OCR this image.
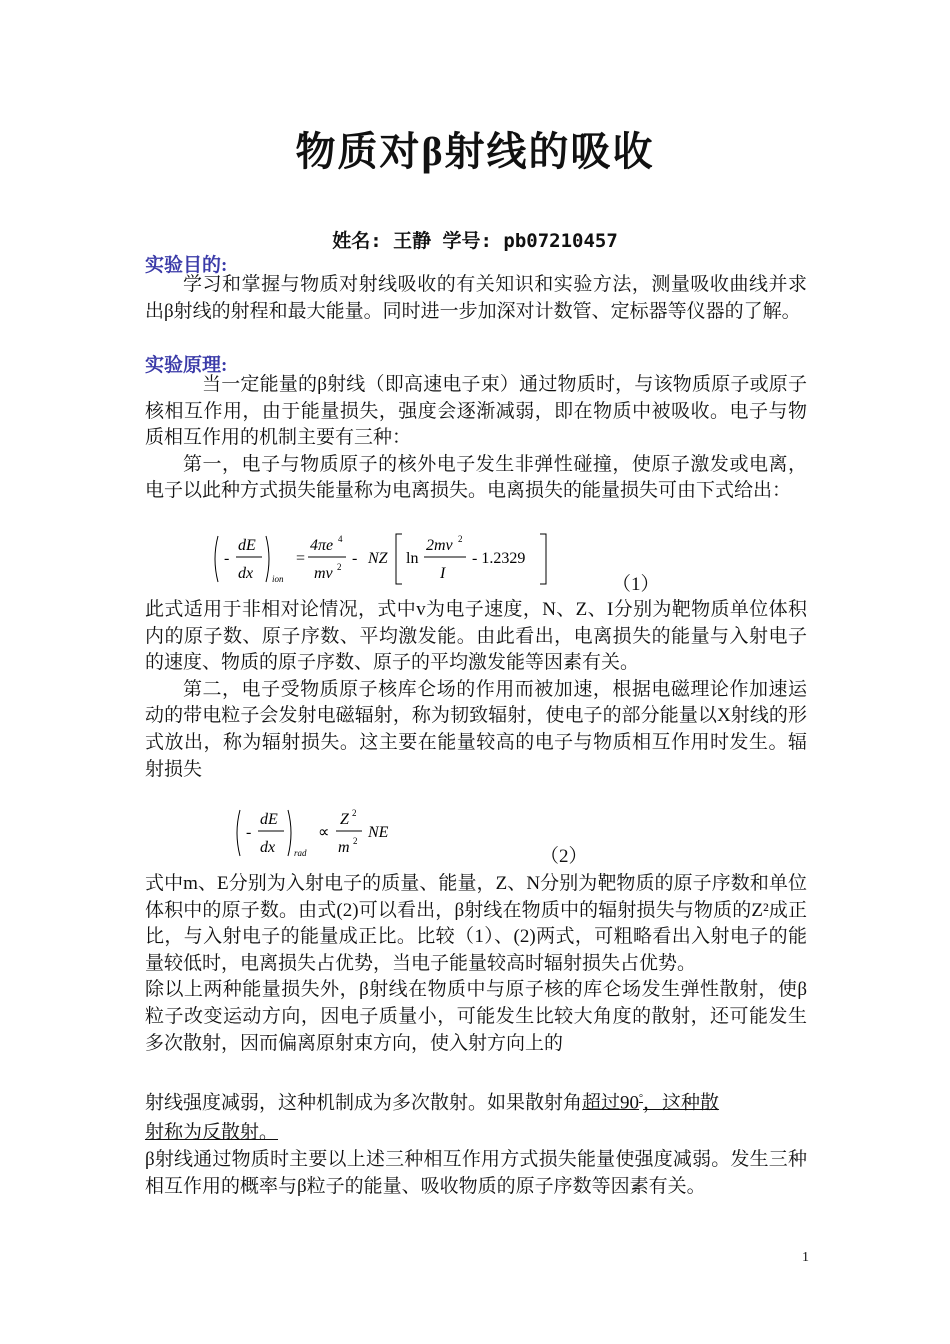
物质对β射线的吸收
姓名: 王静 学号: pb07210457
实验目的:

学习和掌握与物质对射线吸收的有关知识和实验方法，测量吸收曲线并求出β射线的射程和最大能量。同时进一步加深对计数管、定标器等仪器的了解。

实验原理:

当一定能量的β射线（即高速电子束）通过物质时，与该物质原子或原子核相互作用，由于能量损失，强度会逐渐减弱，即在物质中被吸收。电子与物质相互作用的机制主要有三种：

第一，电子与物质原子的核外电子发生非弹性碰撞，使原子激发或电离，电子以此种方式损失能量称为电离损失。电离损失的能量损失可由下式给出：

-
dE
dx ion
=
4πe 4
mv 2 - NZ ln
2mv 2
I
- 1.2329
（1）

此式适用于非相对论情况，式中v为电子速度，N、Z、I分别为靶物质单位体积内的原子数、原子序数、平均激发能。由此看出，电离损失的能量与入射电子的速度、物质的原子序数、原子的平均激发能等因素有关。

第二，电子受物质原子核库仑场的作用而被加速，根据电磁理论作加速运动的带电粒子会发射电磁辐射，称为韧致辐射，使电子的部分能量以X射线的形式放出，称为辐射损失。这主要在能量较高的电子与物质相互作用时发生。辐射损失

-
dE
dx rad
∝
Z 2
m 2 NE
（2）

式中m、E分别为入射电子的质量、能量，Z、N分别为靶物质的原子序数和单位体积中的原子数。由式(2)可以看出，β射线在物质中的辐射损失与物质的Z²成正比，与入射电子的能量成正比。比较（1）、(2)两式，可粗略看出入射电子的能量较低时，电离损失占优势，当电子能量较高时辐射损失占优势。

除以上两种能量损失外，β射线在物质中与原子核的库仑场发生弹性散射，使β粒子改变运动方向，因电子质量小，可能发生比较大角度的散射，还可能发生多次散射，因而偏离原射束方向，使入射方向上的

射线强度减弱，这种机制成为多次散射。如果散射角超过90°，这种散

射称为反散射。

β射线通过物质时主要以上述三种相互作用方式损失能量使强度减弱。发生三种相互作用的概率与β粒子的能量、吸收物质的原子序数等因素有关。

1
